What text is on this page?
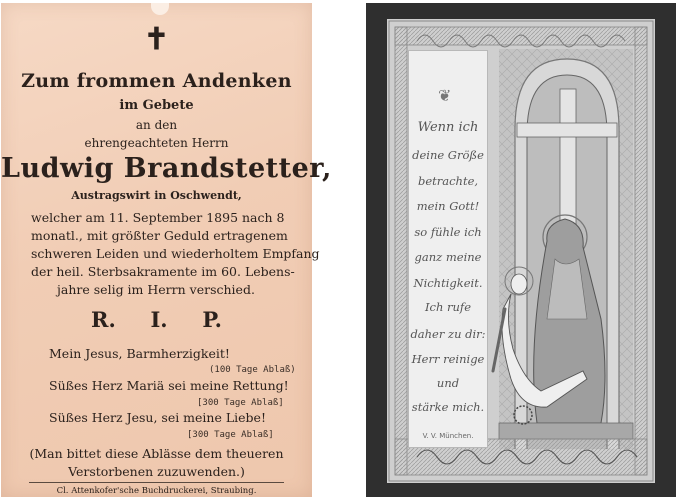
✝
Zum frommen Andenken
im Gebete
an den
ehrengeachteten Herrn
Ludwig Brandstetter,
Austragswirt in Oschwendt,
welcher am 11. September 1895 nach 8
monatl., mit größter Geduld ertragenem
schweren Leiden und wiederholtem Empfang
der heil. Sterbsakramente im 60. Lebens-
jahre selig im Herrn verschied.
R. I. P.
Mein Jesus, Barmherzigkeit!
(100 Tage Ablaß)
Süßes Herz Mariä sei meine Rettung!
[300 Tage Ablaß]
Süßes Herz Jesu, sei meine Liebe!
[300 Tage Ablaß]
(Man bittet diese Ablässe dem theueren
Verstorbenen zuzuwenden.)
Cl. Attenkofer'sche Buchdruckerei, Straubing.
❦
Wenn ich
deine Größe
betrachte,
mein Gott!
so fühle ich
ganz meine
Nichtigkeit.
Ich rufe
daher zu dir:
Herr reinige
und
stärke mich.
V. V. München.
